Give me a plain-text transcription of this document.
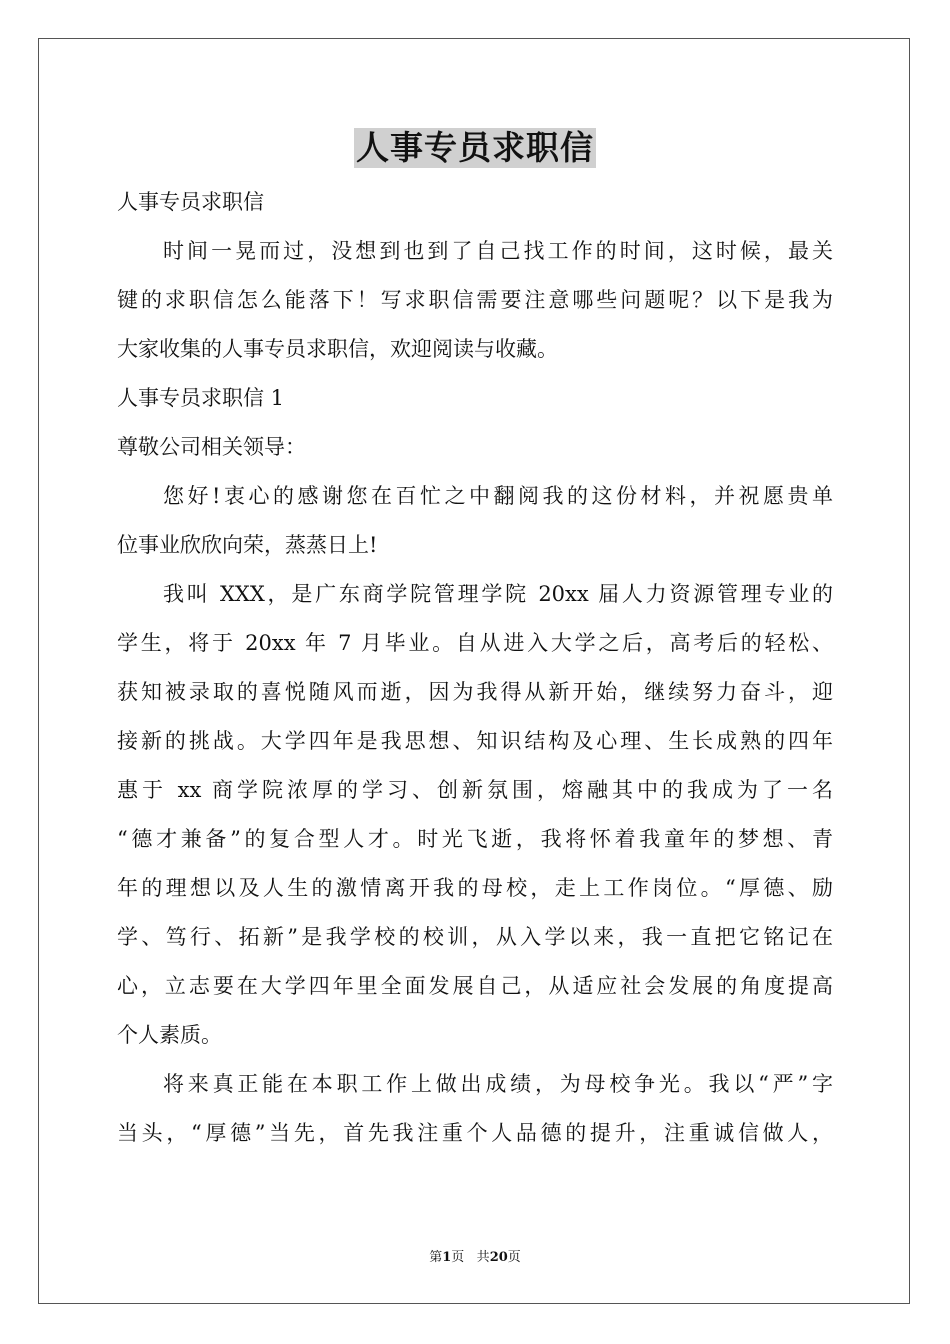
人事专员求职信
人事专员求职信
时间一晃而过，没想到也到了自己找工作的时间，这时候，最关
键的求职信怎么能落下！写求职信需要注意哪些问题呢？以下是我为
大家收集的人事专员求职信，欢迎阅读与收藏。
人事专员求职信 1
尊敬公司相关领导：
您好!衷心的感谢您在百忙之中翻阅我的这份材料，并祝愿贵单
位事业欣欣向荣，蒸蒸日上!
我叫 XXX，是广东商学院管理学院 20xx 届人力资源管理专业的
学生，将于 20xx 年 7 月毕业。自从进入大学之后，高考后的轻松、
获知被录取的喜悦随风而逝，因为我得从新开始，继续努力奋斗，迎
接新的挑战。大学四年是我思想、知识结构及心理、生长成熟的四年
惠于 xx 商学院浓厚的学习、创新氛围，熔融其中的我成为了一名
“德才兼备”的复合型人才。时光飞逝，我将怀着我童年的梦想、青
年的理想以及人生的激情离开我的母校，走上工作岗位。“厚德、励
学、笃行、拓新”是我学校的校训，从入学以来，我一直把它铭记在
心，立志要在大学四年里全面发展自己，从适应社会发展的角度提高
个人素质。
将来真正能在本职工作上做出成绩，为母校争光。我以“严”字
当头，“厚德”当先，首先我注重个人品德的提升，注重诚信做人，
第1页 共20页
